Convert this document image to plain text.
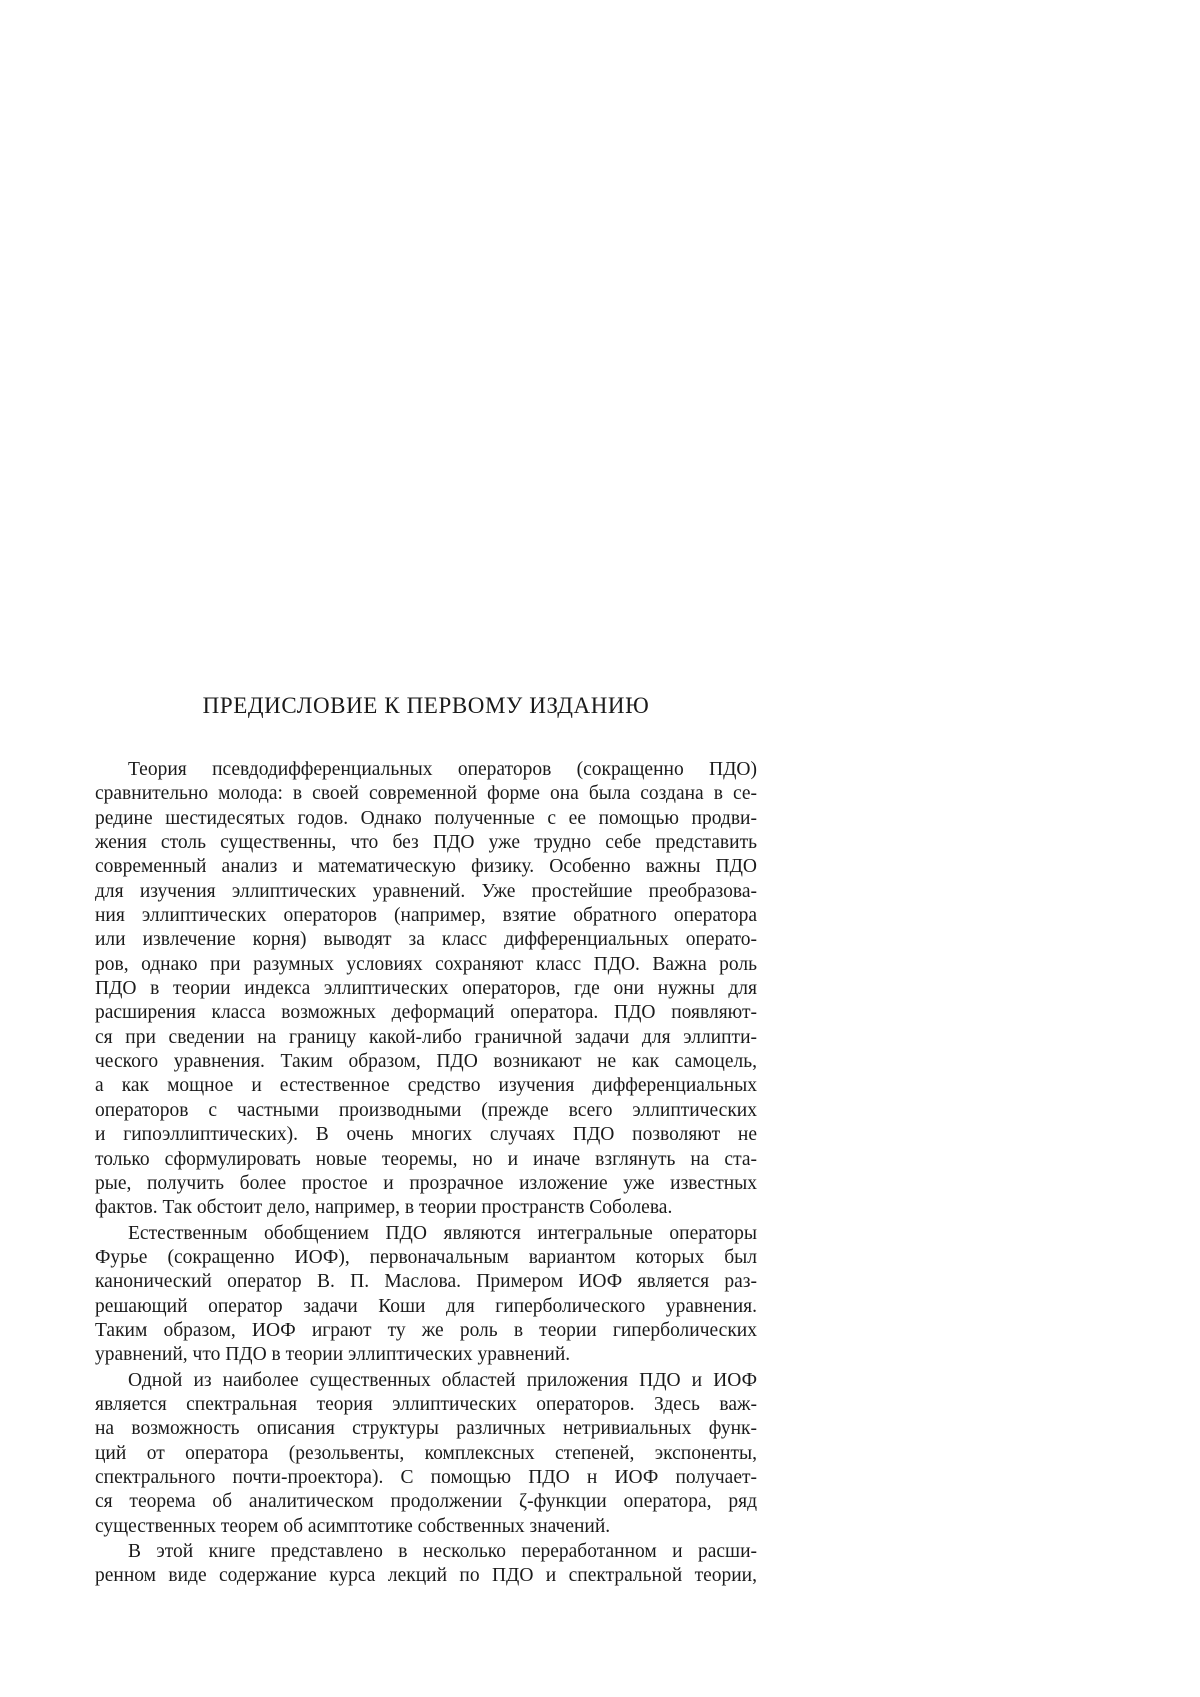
ПРЕДИСЛОВИЕ К ПЕРВОМУ ИЗДАНИЮ
Теория псевдодифференциальных операторов (сокращенно ПДО)
сравнительно молода: в своей современной форме она была создана в се-
редине шестидесятых годов. Однако полученные с ее помощью продви-
жения столь существенны, что без ПДО уже трудно себе представить
современный анализ и математическую физику. Особенно важны ПДО
для изучения эллиптических уравнений. Уже простейшие преобразова-
ния эллиптических операторов (например, взятие обратного оператора
или извлечение корня) выводят за класс дифференциальных операто-
ров, однако при разумных условиях сохраняют класс ПДО. Важна роль
ПДО в теории индекса эллиптических операторов, где они нужны для
расширения класса возможных деформаций оператора. ПДО появляют-
ся при сведении на границу какой-либо граничной задачи для эллипти-
ческого уравнения. Таким образом, ПДО возникают не как самоцель,
а как мощное и естественное средство изучения дифференциальных
операторов с частными производными (прежде всего эллиптических
и гипоэллиптических). В очень многих случаях ПДО позволяют не
только сформулировать новые теоремы, но и иначе взглянуть на ста-
рые, получить более простое и прозрачное изложение уже известных
фактов. Так обстоит дело, например, в теории пространств Соболева.
Естественным обобщением ПДО являются интегральные операторы
Фурье (сокращенно ИОФ), первоначальным вариантом которых был
канонический оператор В. П. Маслова. Примером ИОФ является раз-
решающий оператор задачи Коши для гиперболического уравнения.
Таким образом, ИОФ играют ту же роль в теории гиперболических
уравнений, что ПДО в теории эллиптических уравнений.
Одной из наиболее существенных областей приложения ПДО и ИОФ
является спектральная теория эллиптических операторов. Здесь важ-
на возможность описания структуры различных нетривиальных функ-
ций от оператора (резольвенты, комплексных степеней, экспоненты,
спектрального почти-проектора). С помощью ПДО н ИОФ получает-
ся теорема об аналитическом продолжении ζ-функции оператора, ряд
существенных теорем об асимптотике собственных значений.
В этой книге представлено в несколько переработанном и расши-
ренном виде содержание курса лекций по ПДО и спектральной теории,
